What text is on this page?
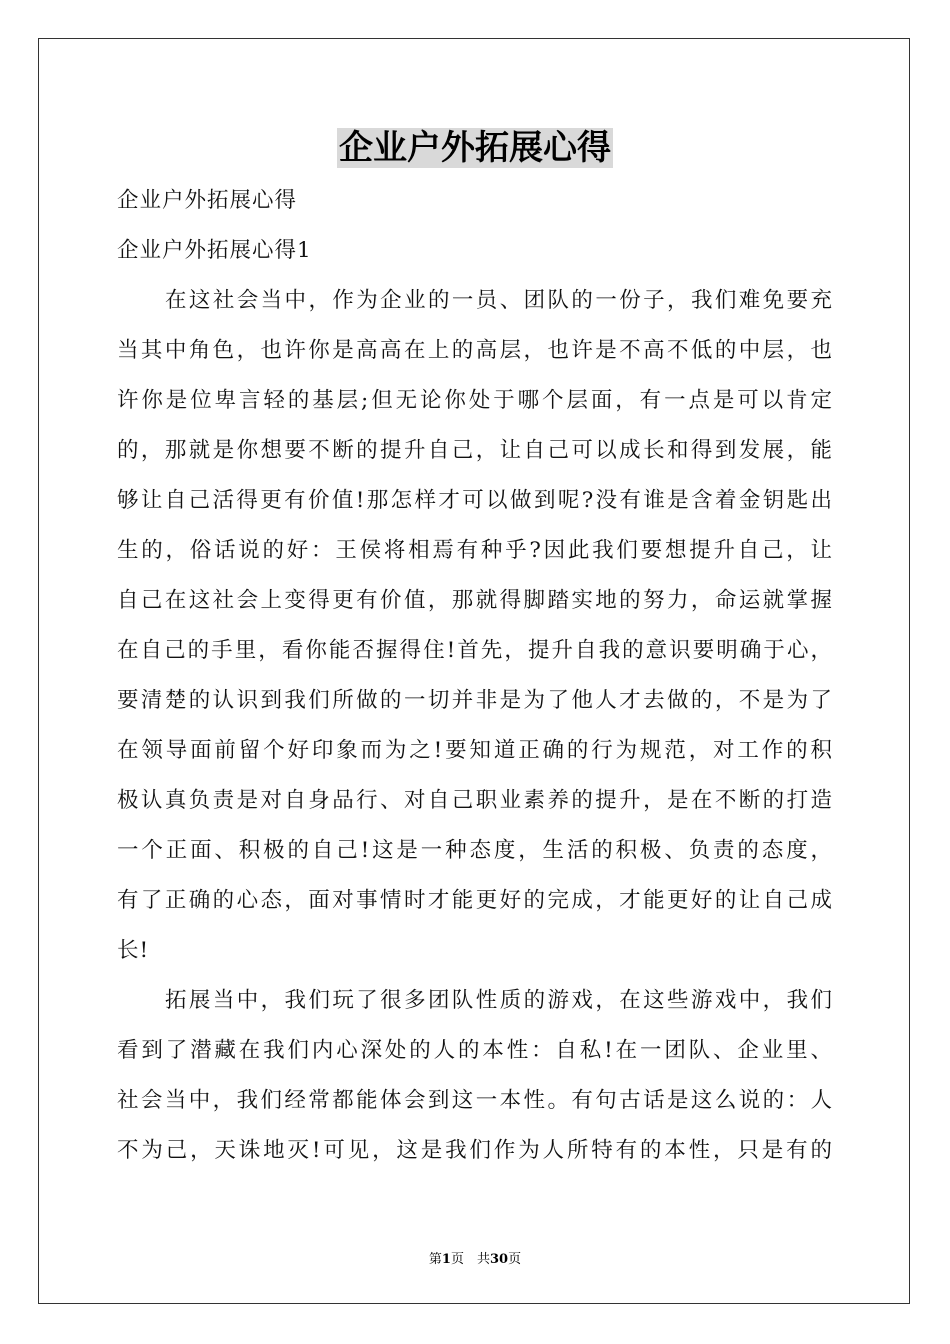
企业户外拓展心得
企业户外拓展心得
企业户外拓展心得1
在这社会当中，作为企业的一员、团队的一份子，我们难免要充
当其中角色，也许你是高高在上的高层，也许是不高不低的中层，也
许你是位卑言轻的基层;但无论你处于哪个层面，有一点是可以肯定
的，那就是你想要不断的提升自己，让自己可以成长和得到发展，能
够让自己活得更有价值!那怎样才可以做到呢?没有谁是含着金钥匙出
生的，俗话说的好：王侯将相焉有种乎?因此我们要想提升自己，让
自己在这社会上变得更有价值，那就得脚踏实地的努力，命运就掌握
在自己的手里，看你能否握得住!首先，提升自我的意识要明确于心，
要清楚的认识到我们所做的一切并非是为了他人才去做的，不是为了
在领导面前留个好印象而为之!要知道正确的行为规范，对工作的积
极认真负责是对自身品行、对自己职业素养的提升，是在不断的打造
一个正面、积极的自己!这是一种态度，生活的积极、负责的态度，
有了正确的心态，面对事情时才能更好的完成，才能更好的让自己成
长!
拓展当中，我们玩了很多团队性质的游戏，在这些游戏中，我们
看到了潜藏在我们内心深处的人的本性：自私!在一团队、企业里、
社会当中，我们经常都能体会到这一本性。有句古话是这么说的：人
不为己，天诛地灭!可见，这是我们作为人所特有的本性，只是有的
第1页　共30页
